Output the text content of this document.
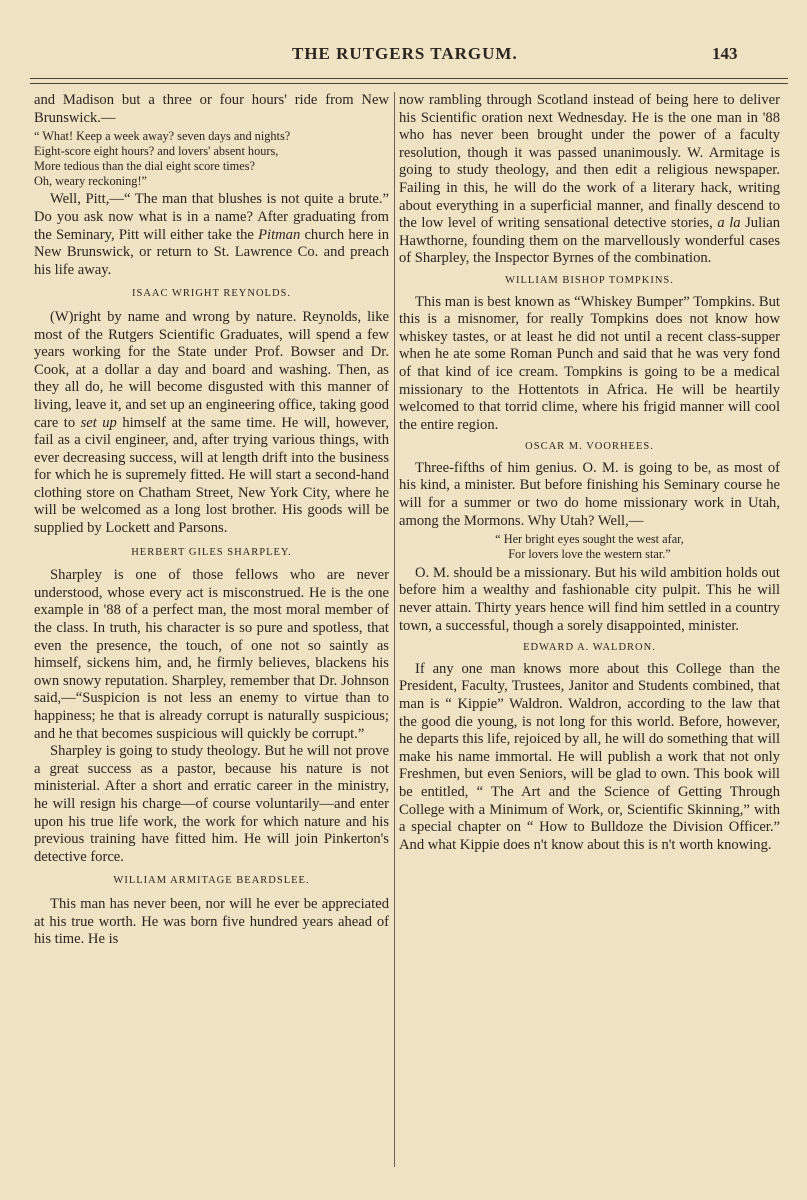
THE RUTGERS TARGUM.	143

and Madison but a three or four hours' ride from New Brunswick.—

“ What! Keep a week away? seven days and nights?
Eight-score eight hours? and lovers' absent hours,
More tedious than the dial eight score times?
Oh, weary reckoning!”

Well, Pitt,—“ The man that blushes is not quite a brute.” Do you ask now what is in a name? After graduating from the Seminary, Pitt will either take the Pitman church here in New Brunswick, or return to St. Lawrence Co. and preach his life away.

ISAAC WRIGHT REYNOLDS.

(W)right by name and wrong by nature. Reynolds, like most of the Rutgers Scientific Graduates, will spend a few years working for the State under Prof. Bowser and Dr. Cook, at a dollar a day and board and washing. Then, as they all do, he will become disgusted with this manner of living, leave it, and set up an engineering office, taking good care to set up himself at the same time. He will, however, fail as a civil engineer, and, after trying various things, with ever decreasing success, will at length drift into the business for which he is supremely fitted. He will start a second-hand clothing store on Chatham Street, New York City, where he will be welcomed as a long lost brother. His goods will be supplied by Lockett and Parsons.

HERBERT GILES SHARPLEY.

Sharpley is one of those fellows who are never understood, whose every act is misconstrued. He is the one example in '88 of a perfect man, the most moral member of the class. In truth, his character is so pure and spotless, that even the presence, the touch, of one not so saintly as himself, sickens him, and, he firmly believes, blackens his own snowy reputation. Sharpley, remember that Dr. Johnson said,—“Suspicion is not less an enemy to virtue than to happiness; he that is already corrupt is naturally suspicious; and he that becomes suspicious will quickly be corrupt.”

Sharpley is going to study theology. But he will not prove a great success as a pastor, because his nature is not ministerial. After a short and erratic career in the ministry, he will resign his charge—of course voluntarily—and enter upon his true life work, the work for which nature and his previous training have fitted him. He will join Pinkerton's detective force.

WILLIAM ARMITAGE BEARDSLEE.

This man has never been, nor will he ever be appreciated at his true worth. He was born five hundred years ahead of his time. He is

now rambling through Scotland instead of being here to deliver his Scientific oration next Wednesday. He is the one man in '88 who has never been brought under the power of a faculty resolution, though it was passed unanimously. W. Armitage is going to study theology, and then edit a religious newspaper. Failing in this, he will do the work of a literary hack, writing about everything in a superficial manner, and finally descend to the low level of writing sensational detective stories, a la Julian Hawthorne, founding them on the marvellously wonderful cases of Sharpley, the Inspector Byrnes of the combination.

WILLIAM BISHOP TOMPKINS.

This man is best known as “Whiskey Bumper” Tompkins. But this is a misnomer, for really Tompkins does not know how whiskey tastes, or at least he did not until a recent class-supper when he ate some Roman Punch and said that he was very fond of that kind of ice cream. Tompkins is going to be a medical missionary to the Hottentots in Africa. He will be heartily welcomed to that torrid clime, where his frigid manner will cool the entire region.

OSCAR M. VOORHEES.

Three-fifths of him genius. O. M. is going to be, as most of his kind, a minister. But before finishing his Seminary course he will for a summer or two do home missionary work in Utah, among the Mormons. Why Utah? Well,—

“ Her bright eyes sought the west afar,
For lovers love the western star.”

O. M. should be a missionary. But his wild ambition holds out before him a wealthy and fashionable city pulpit. This he will never attain. Thirty years hence will find him settled in a country town, a successful, though a sorely disappointed, minister.

EDWARD A. WALDRON.

If any one man knows more about this College than the President, Faculty, Trustees, Janitor and Students combined, that man is “ Kippie” Waldron. Waldron, according to the law that the good die young, is not long for this world. Before, however, he departs this life, rejoiced by all, he will do something that will make his name immortal. He will publish a work that not only Freshmen, but even Seniors, will be glad to own. This book will be entitled, “ The Art and the Science of Getting Through College with a Minimum of Work, or, Scientific Skinning,” with a special chapter on “ How to Bulldoze the Division Officer.” And what Kippie does n't know about this is n't worth knowing.
